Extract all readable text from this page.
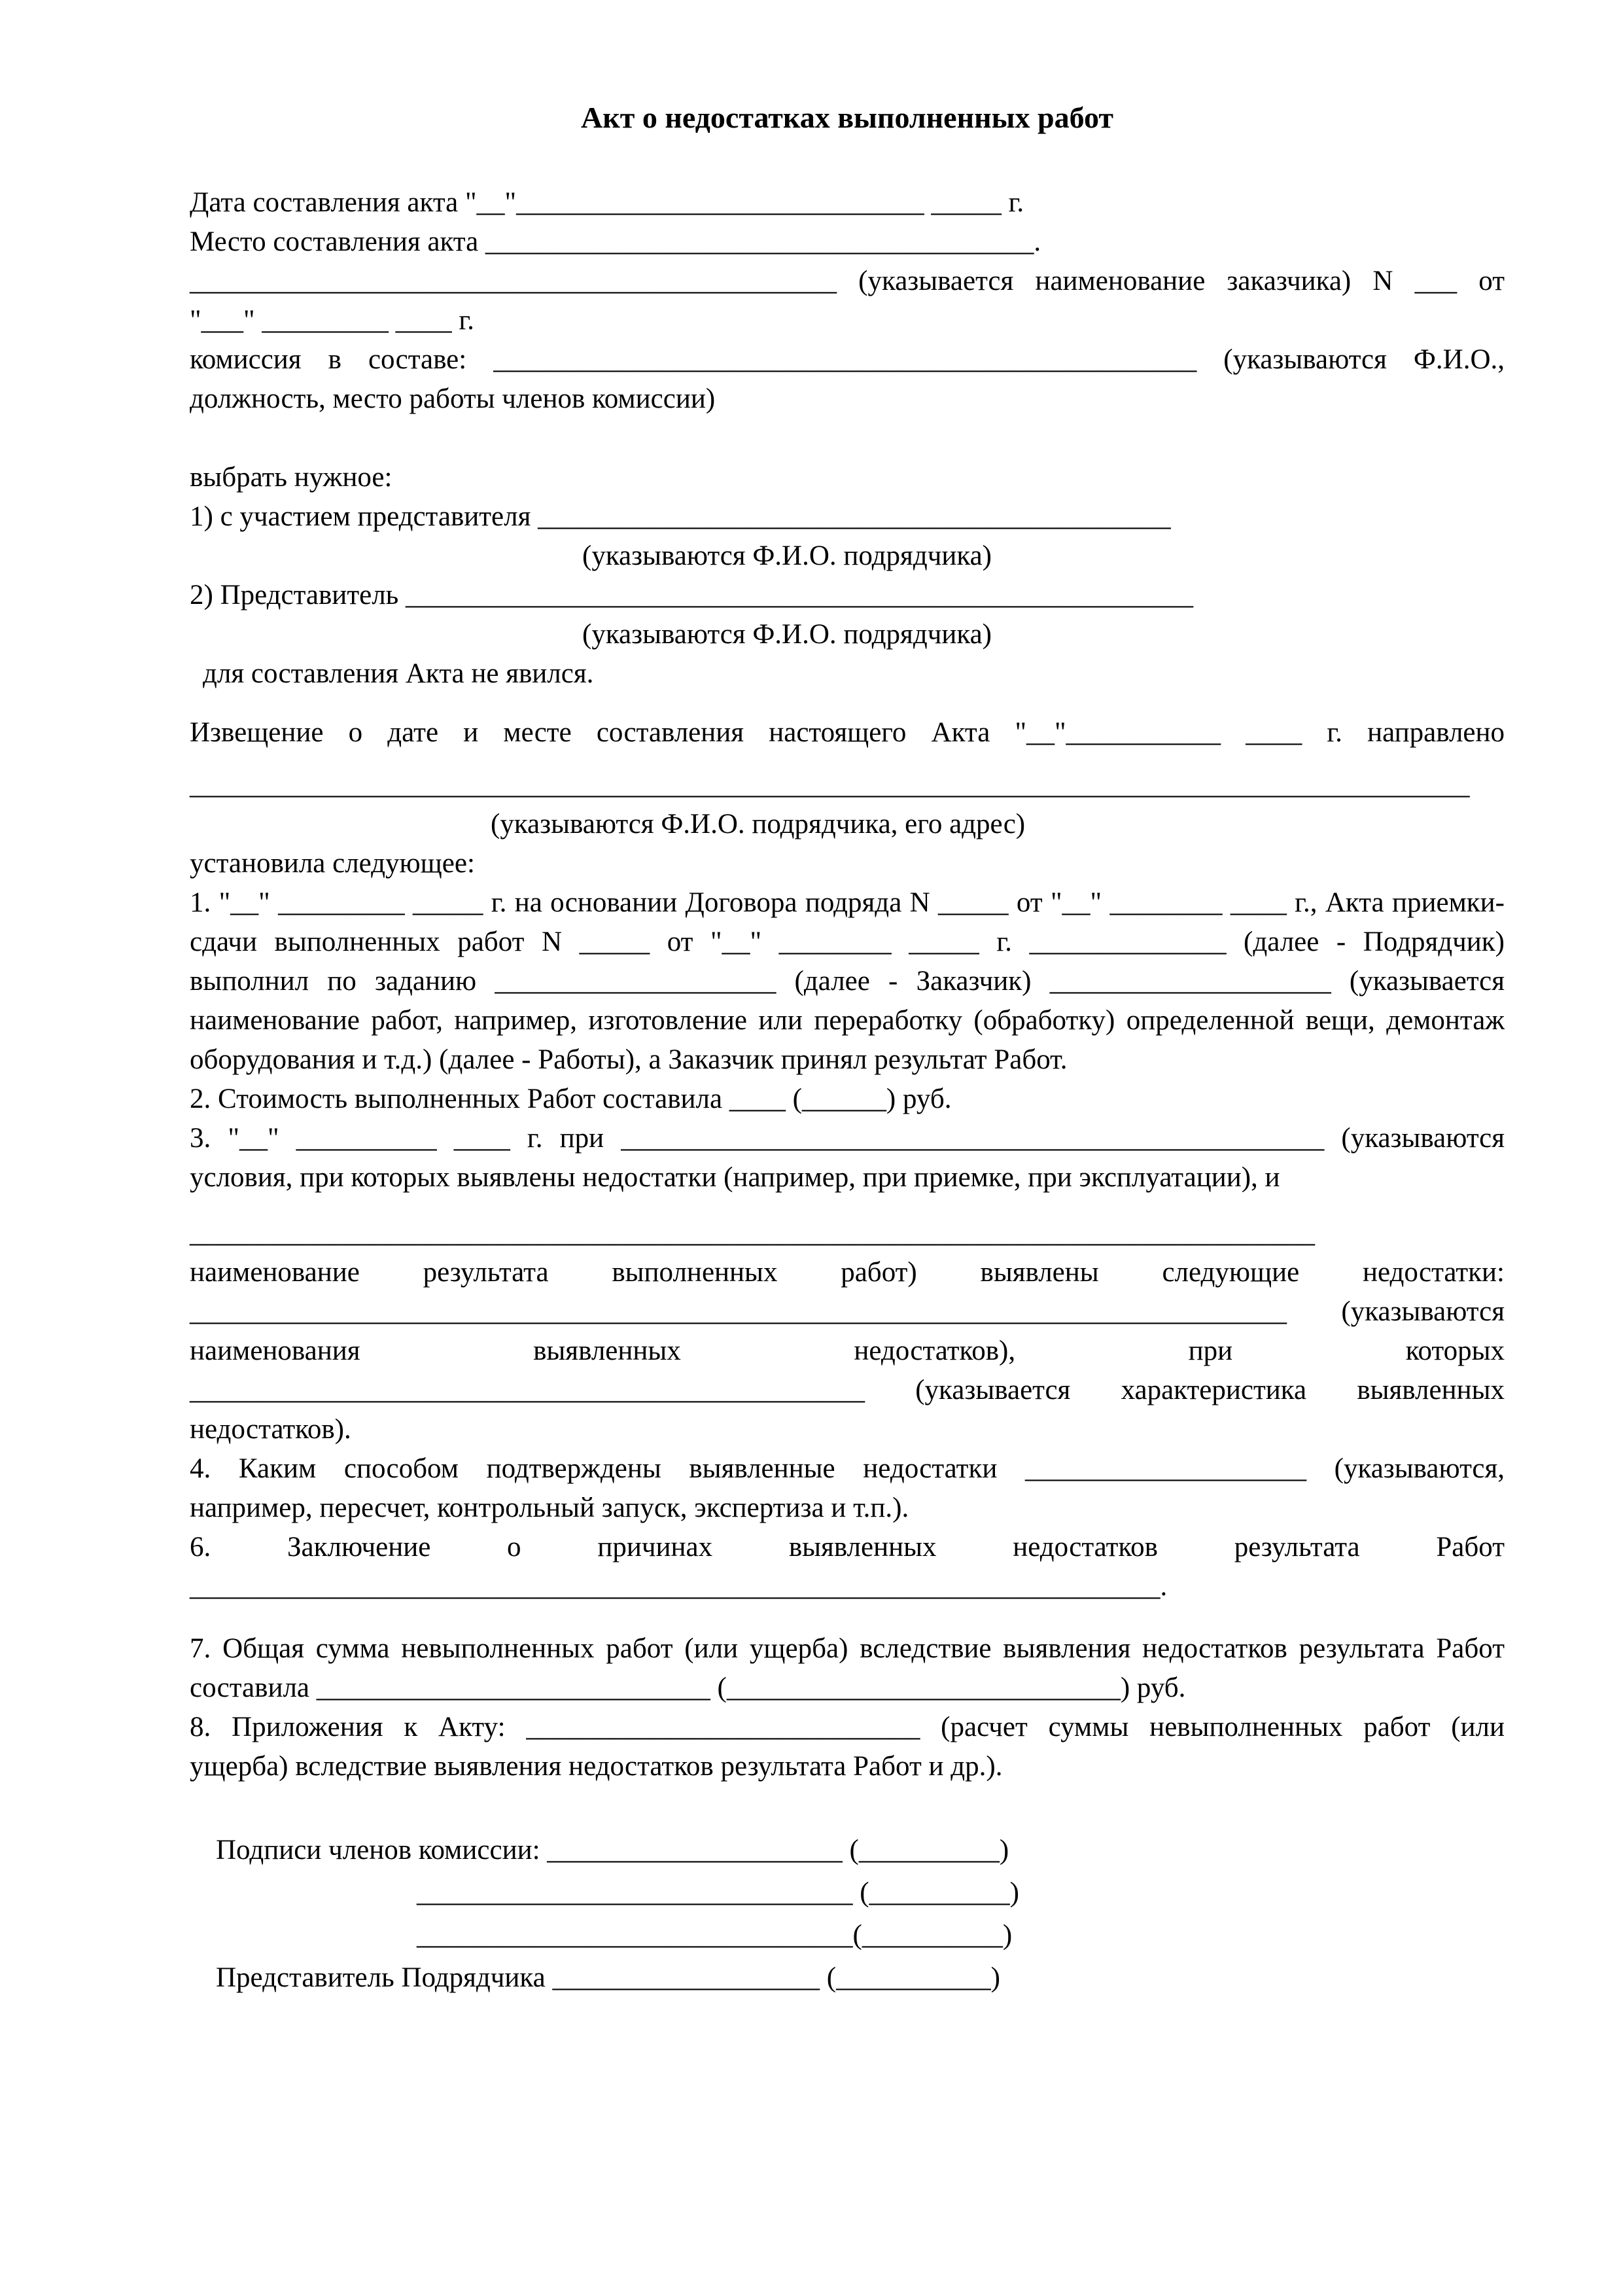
Акт о недостатках выполненных работ
Дата составления акта "__"_____________________________ _____ г.
Место составления акта _______________________________________.
______________________________________________ (указывается наименование заказчика) N ___ от
"___" _________ ____ г.
комиссия в составе: __________________________________________________ (указываются Ф.И.О.,
должность, место работы членов комиссии)
выбрать нужное:
1) с участием представителя _____________________________________________
(указываются Ф.И.О. подрядчика)
2) Представитель ________________________________________________________
(указываются Ф.И.О. подрядчика)
для составления Акта не явился.
Извещение о дате и месте составления настоящего Акта "__"___________ ____ г. направлено
___________________________________________________________________________________________
(указываются Ф.И.О. подрядчика, его адрес)
установила следующее:
1. "__" _________ _____ г. на основании Договора подряда N _____ от "__" ________ ____ г., Акта приемки-
сдачи выполненных работ N _____ от "__" ________ _____ г. ______________ (далее - Подрядчик)
выполнил по заданию ____________________ (далее - Заказчик) ____________________ (указывается
наименование работ, например, изготовление или переработку (обработку) определенной вещи, демонтаж
оборудования и т.д.) (далее - Работы), а Заказчик принял результат Работ.
2. Стоимость выполненных Работ составила ____ (______) руб.
3. "__" __________ ____ г. при __________________________________________________ (указываются
условия, при которых выявлены недостатки (например, при приемке, при эксплуатации), и
________________________________________________________________________________
наименование результата выполненных работ) выявлены следующие недостатки:
______________________________________________________________________________ (указываются
наименования выявленных недостатков), при которых
________________________________________________ (указывается характеристика выявленных
недостатков).
4. Каким способом подтверждены выявленные недостатки ____________________ (указываются,
например, пересчет, контрольный запуск, экспертиза и т.п.).
6. Заключение о причинах выявленных недостатков результата Работ
_____________________________________________________________________.
7. Общая сумма невыполненных работ (или ущерба) вследствие выявления недостатков результата Работ
составила ____________________________ (____________________________) руб.
8. Приложения к Акту: ____________________________ (расчет суммы невыполненных работ (или
ущерба) вследствие выявления недостатков результата Работ и др.).
Подписи членов комиссии: _____________________ (__________)
_______________________________ (__________)
_______________________________(__________)
Представитель Подрядчика ___________________ (___________)
